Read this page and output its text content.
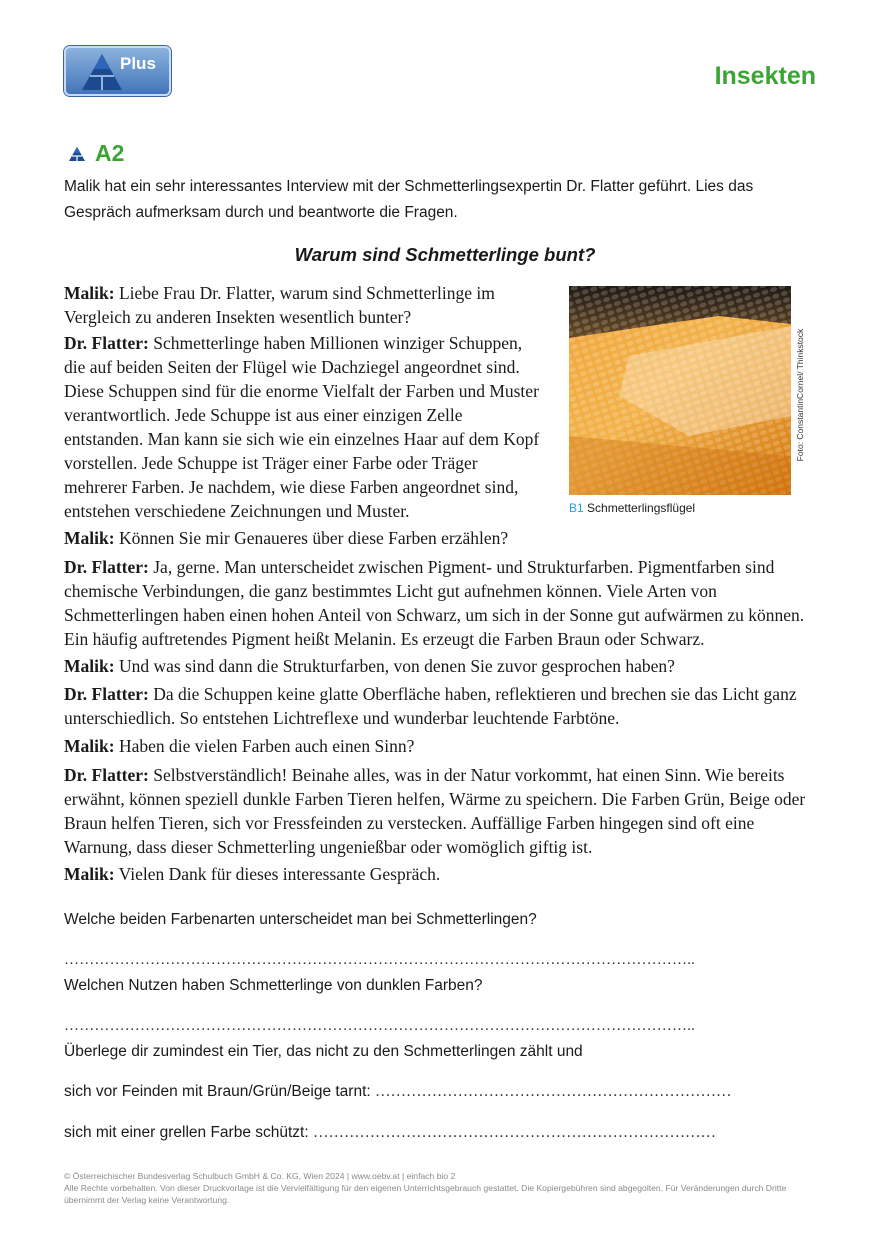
Plus	Insekten
A2
Malik hat ein sehr interessantes Interview mit der Schmetterlingsexpertin Dr. Flatter geführt. Lies das Gespräch aufmerksam durch und beantworte die Fragen.
Warum sind Schmetterlinge bunt?

Malik: Liebe Frau Dr. Flatter, warum sind Schmetterlinge im Vergleich zu anderen Insekten wesentlich bunter?

Dr. Flatter: Schmetterlinge haben Millionen winziger Schuppen, die auf beiden Seiten der Flügel wie Dachziegel angeordnet sind. Diese Schuppen sind für die enorme Vielfalt der Farben und Muster verantwortlich. Jede Schuppe ist aus einer einzigen Zelle entstanden. Man kann sie sich wie ein einzelnes Haar auf dem Kopf vorstellen. Jede Schuppe ist Träger einer Farbe oder Träger mehrerer Farben. Je nachdem, wie diese Farben angeordnet sind, entstehen verschiedene Zeichnungen und Muster.

Malik: Können Sie mir Genaueres über diese Farben erzählen?

Dr. Flatter: Ja, gerne. Man unterscheidet zwischen Pigment- und Strukturfarben. Pigmentfarben sind chemische Verbindungen, die ganz bestimmtes Licht gut aufnehmen können. Viele Arten von Schmetterlingen haben einen hohen Anteil von Schwarz, um sich in der Sonne gut aufwärmen zu können. Ein häufig auftretendes Pigment heißt Melanin. Es erzeugt die Farben Braun oder Schwarz.

Malik: Und was sind dann die Strukturfarben, von denen Sie zuvor gesprochen haben?

Dr. Flatter: Da die Schuppen keine glatte Oberfläche haben, reflektieren und brechen sie das Licht ganz unterschiedlich. So entstehen Lichtreflexe und wunderbar leuchtende Farbtöne.

Malik: Haben die vielen Farben auch einen Sinn?

Dr. Flatter: Selbstverständlich! Beinahe alles, was in der Natur vorkommt, hat einen Sinn. Wie bereits erwähnt, können speziell dunkle Farben Tieren helfen, Wärme zu speichern. Die Farben Grün, Beige oder Braun helfen Tieren, sich vor Fressfeinden zu verstecken. Auffällige Farben hingegen sind oft eine Warnung, dass dieser Schmetterling ungenießbar oder womöglich giftig ist.

Malik: Vielen Dank für dieses interessante Gespräch.

Foto: ConstantinCornel/ Thinkstock
B1 Schmetterlingsflügel
Welche beiden Farbenarten unterscheidet man bei Schmetterlingen?
……………………………………………………………………………………………………………..
Welchen Nutzen haben Schmetterlinge von dunklen Farben?
……………………………………………………………………………………………………………..
Überlege dir zumindest ein Tier, das nicht zu den Schmetterlingen zählt und
sich vor Feinden mit Braun/Grün/Beige tarnt: ……………………………………………………………
sich mit einer grellen Farbe schützt: ……………………………………………………………………
© Österreichischer Bundesverlag Schulbuch GmbH & Co. KG, Wien 2024 | www.oebv.at | einfach bio 2
Alle Rechte vorbehalten. Von dieser Druckvorlage ist die Vervielfältigung für den eigenen Unterrichtsgebrauch gestattet. Die Kopiergebühren sind abgegolten. Für Veränderungen durch Dritte übernimmt der Verlag keine Verantwortung.
